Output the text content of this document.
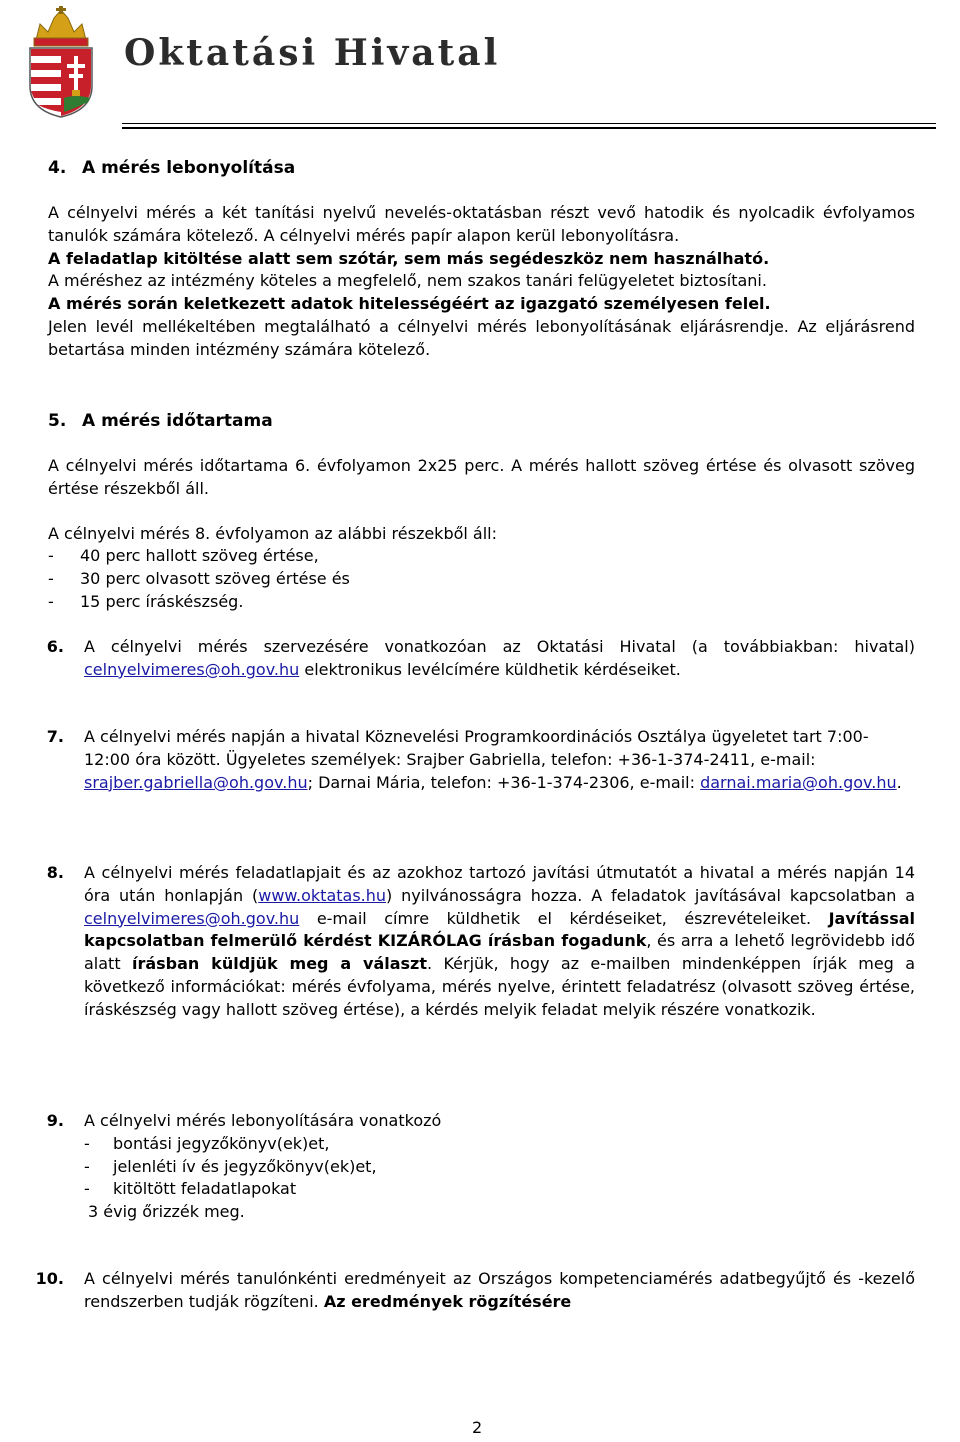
Oktatási Hivatal
4. A mérés lebonyolítása

A célnyelvi mérés a két tanítási nyelvű nevelés-oktatásban részt vevő hatodik és nyolcadik évfolyamos tanulók számára kötelező. A célnyelvi mérés papír alapon kerül lebonyolításra.

A feladatlap kitöltése alatt sem szótár, sem más segédeszköz nem használható.

A méréshez az intézmény köteles a megfelelő, nem szakos tanári felügyeletet biztosítani.

A mérés során keletkezett adatok hitelességéért az igazgató személyesen felel.

Jelen levél mellékeltében megtalálható a célnyelvi mérés lebonyolításának eljárásrendje. Az eljárásrend betartása minden intézmény számára kötelező.

5. A mérés időtartama

A célnyelvi mérés időtartama 6. évfolyamon 2x25 perc. A mérés hallott szöveg értése és olvasott szöveg értése részekből áll.

A célnyelvi mérés 8. évfolyamon az alábbi részekből áll:

- 40 perc hallott szöveg értése,
- 30 perc olvasott szöveg értése és
- 15 perc íráskészség.
6. A célnyelvi mérés szervezésére vonatkozóan az Oktatási Hivatal (a továbbiakban: hivatal) celnyelvimeres@oh.gov.hu elektronikus levélcímére küldhetik kérdéseiket.
7. A célnyelvi mérés napján a hivatal Köznevelési Programkoordinációs Osztálya ügyeletet tart 7:00-12:00 óra között. Ügyeletes személyek: Srajber Gabriella, telefon: +36-1-374-2411, e-mail: srajber.gabriella@oh.gov.hu; Darnai Mária, telefon: +36-1-374-2306, e-mail: darnai.maria@oh.gov.hu.
8. A célnyelvi mérés feladatlapjait és az azokhoz tartozó javítási útmutatót a hivatal a mérés napján 14 óra után honlapján (www.oktatas.hu) nyilvánosságra hozza. A feladatok javításával kapcsolatban a celnyelvimeres@oh.gov.hu e-mail címre küldhetik el kérdéseiket, észrevételeiket. Javítással kapcsolatban felmerülő kérdést KIZÁRÓLAG írásban fogadunk, és arra a lehető legrövidebb idő alatt írásban küldjük meg a választ. Kérjük, hogy az e-mailben mindenképpen írják meg a következő információkat: mérés évfolyama, mérés nyelve, érintett feladatrész (olvasott szöveg értése, íráskészség vagy hallott szöveg értése), a kérdés melyik feladat melyik részére vonatkozik.
9. A célnyelvi mérés lebonyolítására vonatkozó

- bontási jegyzőkönyv(ek)et,
- jelenléti ív és jegyzőkönyv(ek)et,
- kitöltött feladatlapokat

3 évig őrizzék meg.

10. A célnyelvi mérés tanulónkénti eredményeit az Országos kompetenciamérés adatbegyűjtő és -kezelő rendszerben tudják rögzíteni. Az eredmények rögzítésére
2
